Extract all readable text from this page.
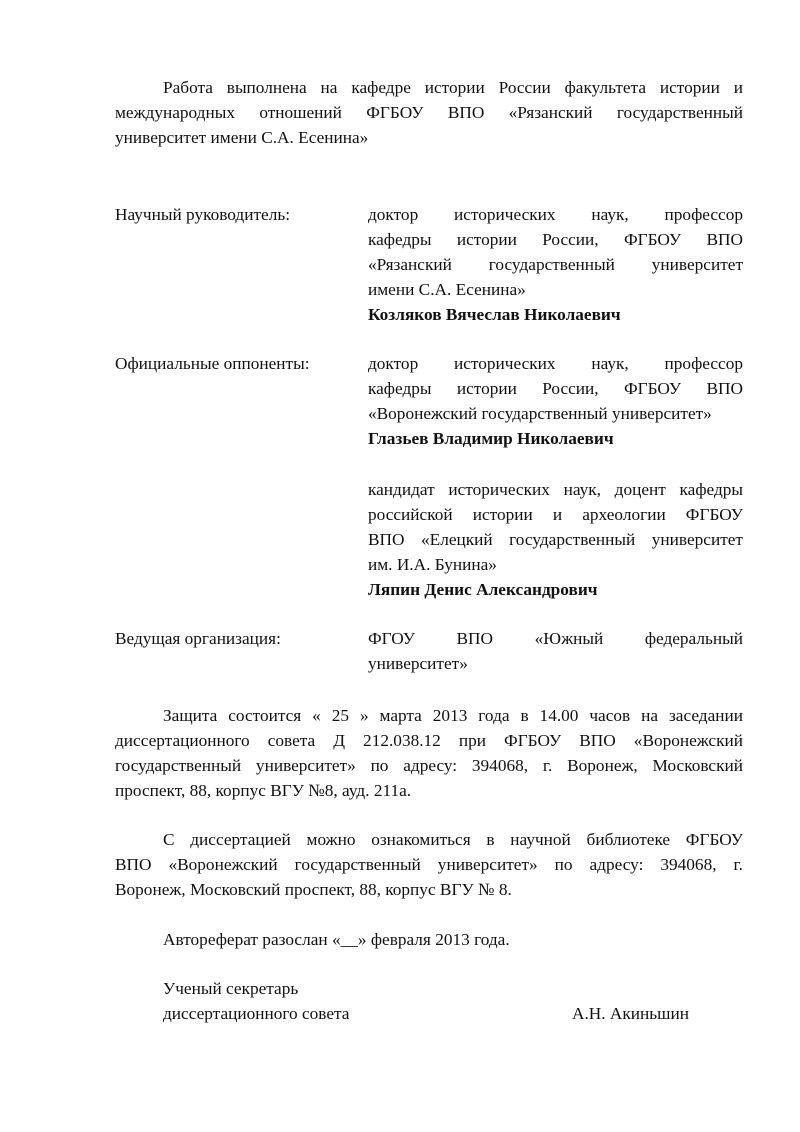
Работа выполнена на кафедре истории России факультета истории и
международных отношений ФГБОУ ВПО «Рязанский государственный
университет имени С.А. Есенина»
Научный руководитель:	доктор исторических наук, профессор
кафедры истории России, ФГБОУ ВПО
«Рязанский государственный университет
имени С.А. Есенина»
Козляков Вячеслав Николаевич
Официальные оппоненты:	доктор исторических наук, профессор
кафедры истории России, ФГБОУ ВПО
«Воронежский государственный университет»
Глазьев Владимир Николаевич
кандидат исторических наук, доцент кафедры
российской истории и археологии ФГБОУ
ВПО «Елецкий государственный университет
им. И.А. Бунина»
Ляпин Денис Александрович
Ведущая организация:	ФГОУ ВПО «Южный федеральный
университет»
Защита состоится « 25 » марта 2013 года в 14.00 часов на заседании
диссертационного совета Д 212.038.12 при ФГБОУ ВПО «Воронежский
государственный университет» по адресу: 394068, г. Воронеж, Московский
проспект, 88, корпус ВГУ №8, ауд. 211а.
С диссертацией можно ознакомиться в научной библиотеке ФГБОУ
ВПО «Воронежский государственный университет» по адресу: 394068, г.
Воронеж, Московский проспект, 88, корпус ВГУ № 8.
Автореферат разослан «__» февраля 2013 года.
Ученый секретарь
диссертационного совета	А.Н. Акиньшин
